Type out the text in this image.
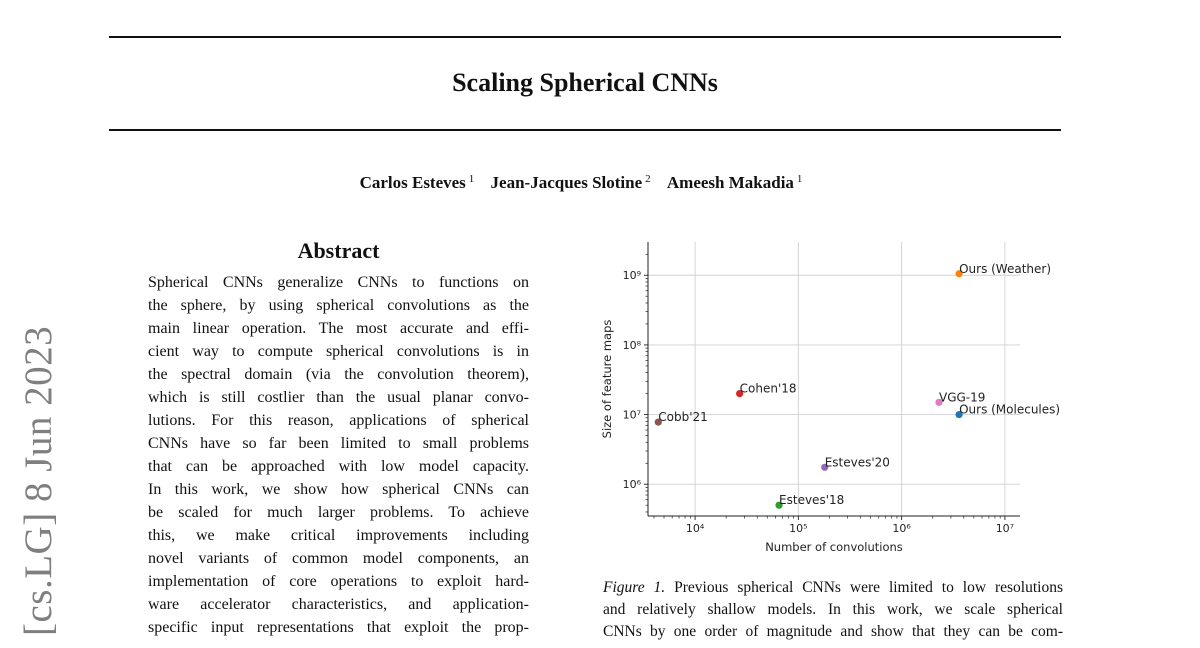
Scaling Spherical CNNs
Carlos Esteves $^1$ Jean-Jacques Slotine $^2$ Ameesh Makadia $^1$
[cs.LG] 8 Jun 2023
Abstract
Spherical CNNs generalize CNNs to functions on
the sphere, by using spherical convolutions as the
main linear operation. The most accurate and effi-
cient way to compute spherical convolutions is in
the spectral domain (via the convolution theorem),
which is still costlier than the usual planar convo-
lutions. For this reason, applications of spherical
CNNs have so far been limited to small problems
that can be approached with low model capacity.
In this work, we show how spherical CNNs can
be scaled for much larger problems. To achieve
this, we make critical improvements including
novel variants of common model components, an
implementation of core operations to exploit hard-
ware accelerator characteristics, and application-
specific input representations that exploit the prop-
10⁴	10⁵	10⁶	10⁷
10⁶
10⁷
10⁸
10⁹
Number of convolutions
Size of feature maps
Ours (Weather)
Cohen'18
Cobb'21
VGG-19
Ours (Molecules)
Esteves'20
Esteves'18
Figure 1. Previous spherical CNNs were limited to low resolutions
and relatively shallow models. In this work, we scale spherical
CNNs by one order of magnitude and show that they can be com-
